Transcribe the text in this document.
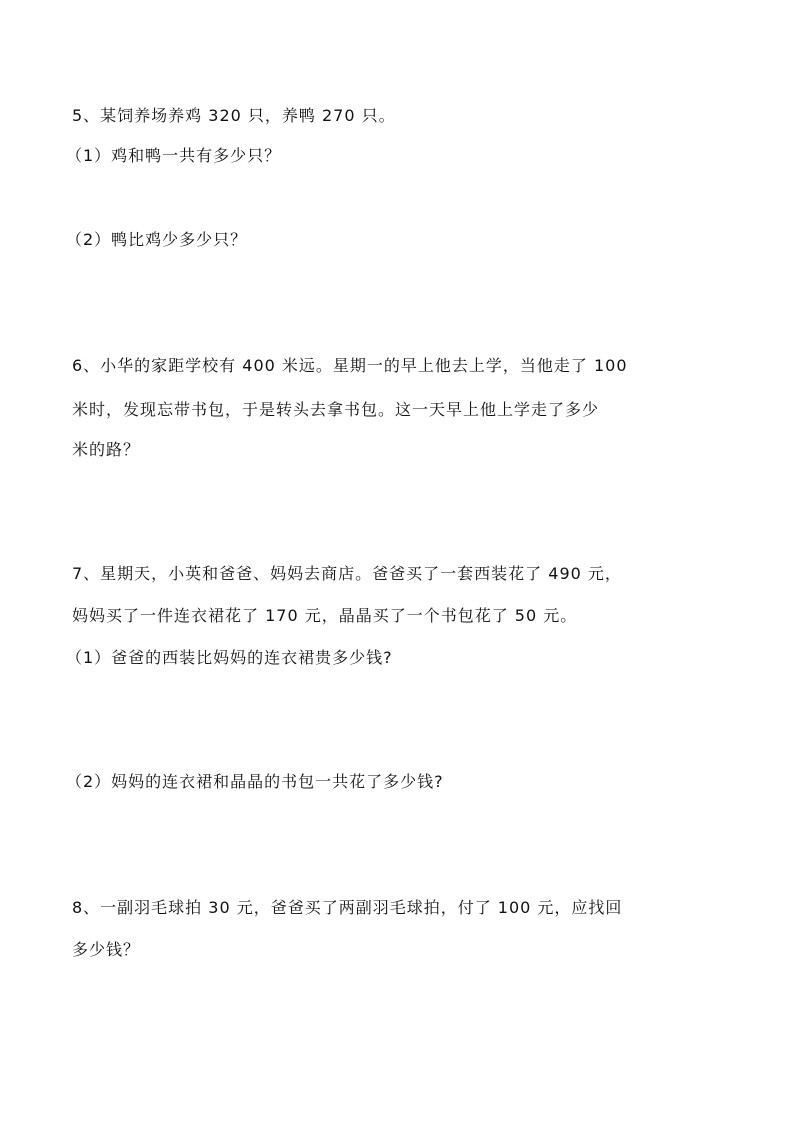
5、某饲养场养鸡 320 只，养鸭 270 只。
（1）鸡和鸭一共有多少只？
（2）鸭比鸡少多少只？
6、小华的家距学校有 400 米远。星期一的早上他去上学，当他走了 100
米时，发现忘带书包，于是转头去拿书包。这一天早上他上学走了多少
米的路？
7、星期天，小英和爸爸、妈妈去商店。爸爸买了一套西装花了 490 元，
妈妈买了一件连衣裙花了 170 元，晶晶买了一个书包花了 50 元。
（1）爸爸的西装比妈妈的连衣裙贵多少钱?
（2）妈妈的连衣裙和晶晶的书包一共花了多少钱?
8、一副羽毛球拍 30 元，爸爸买了两副羽毛球拍，付了 100 元，应找回
多少钱？
